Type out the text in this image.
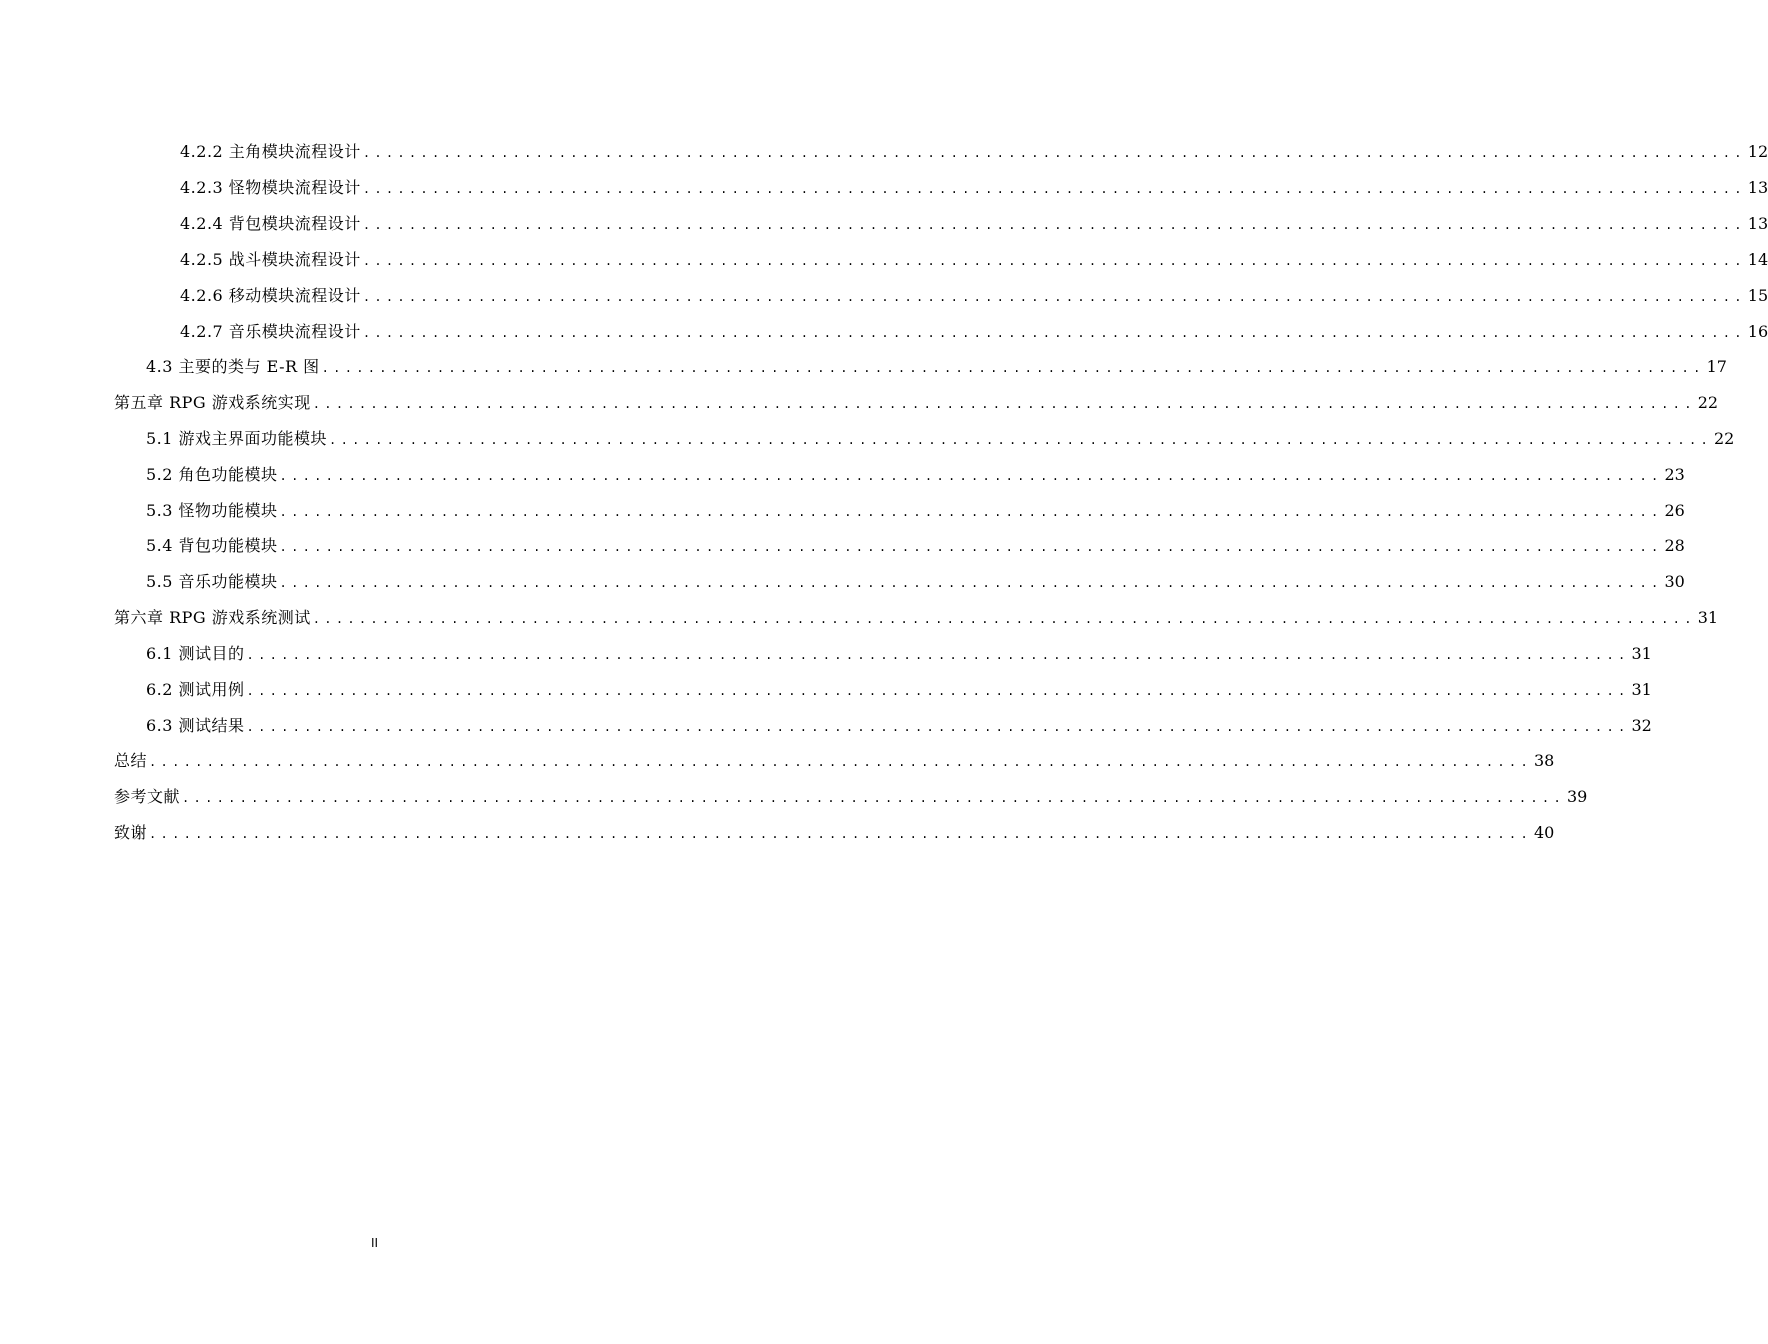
4.2.2 主角模块流程设计 ........................................................................................................................ 12
4.2.3 怪物模块流程设计 ........................................................................................................................ 13
4.2.4 背包模块流程设计 ........................................................................................................................ 13
4.2.5 战斗模块流程设计 ........................................................................................................................ 14
4.2.6 移动模块流程设计 ........................................................................................................................ 15
4.2.7 音乐模块流程设计 ........................................................................................................................ 16
4.3 主要的类与 E-R 图 ........................................................................................................................ 17
第五章 RPG 游戏系统实现 ........................................................................................................................ 22
5.1 游戏主界面功能模块 ........................................................................................................................ 22
5.2 角色功能模块 ........................................................................................................................ 23
5.3 怪物功能模块 ........................................................................................................................ 26
5.4 背包功能模块 ........................................................................................................................ 28
5.5 音乐功能模块 ........................................................................................................................ 30
第六章 RPG 游戏系统测试 ........................................................................................................................ 31
6.1 测试目的 ........................................................................................................................ 31
6.2 测试用例 ........................................................................................................................ 31
6.3 测试结果 ........................................................................................................................ 32
总结 ........................................................................................................................ 38
参考文献 ........................................................................................................................ 39
致谢 ........................................................................................................................ 40
II
